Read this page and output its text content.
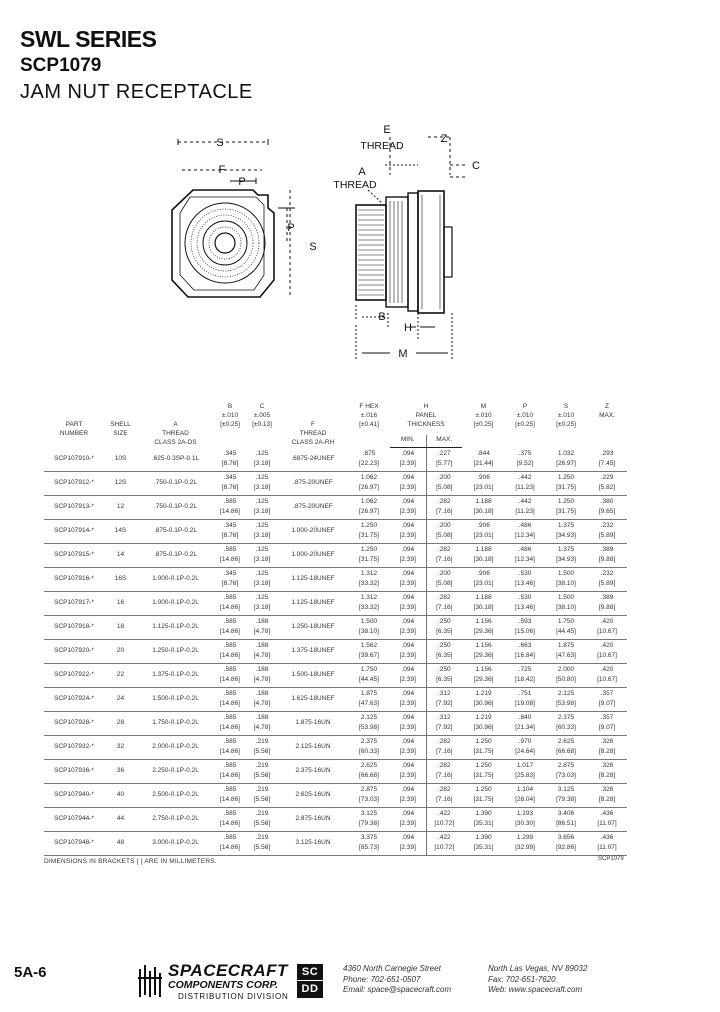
SWL SERIES
SCP1079
JAM NUT RECEPTACLE
S
F
P
P
S
E
THREAD
Z
C
A
THREAD
B
H
M
PART
NUMBER	SHELL
SIZE	A
THREAD
CLASS 2A-DS	B
±.010
[±0.25]	C
±.005
[±0.13]	F
THREAD
CLASS 2A-RH	F HEX
±.016
[±0.41]	H
PANEL
THICKNESS		M
±.010
[±0.25]	P
±.010
[±0.25]	S
±.010
[±0.25]	Z
MAX.

							MIN.	MAX.				
SCP107910-*	10S	.625-0.3SP-0.1L	.345
[8.76]	.125
[3.18]	.6875-24UNEF	.875
[22.23]	.094
[2.39]	.227
[5.77]	.844
[21.44]	.375
[9.52]	1.032
[26.97]	.293
[7.45]

SCP107912-*	12S	.750-0.1P-0.2L	.345
[8.76]	.125
[3.18]	.875-20UNEF	1.062
[26.97]	.094
[2.39]	.200
[5.08]	.906
[23.01]	.442
[11.23]	1.250
[31.75]	.229
[5.82]

SCP107913-*	12	.750-0.1P-0.2L	.585
[14.86]	.125
[3.18]	.875-20UNEF	1.062
[26.97]	.094
[2.39]	.282
[7.16]	1.188
[30.18]	.442
[11.23]	1.250
[31.75]	.380
[9.65]

SCP107914-*	14S	.875-0.1P-0.2L	.345
[8.76]	.125
[3.18]	1.000-20UNEF	1.250
[31.75]	.094
[2.39]	.200
[5.08]	.906
[23.01]	.486
[12.34]	1.375
[34.93]	.232
[5.89]

SCP107915-*	14	.875-0.1P-0.2L	.585
[14.86]	.125
[3.18]	1.000-20UNEF	1.250
[31.75]	.094
[2.39]	.282
[7.16]	1.188
[30.18]	.486
[12.34]	1.375
[34.93]	.389
[9.88]

SCP107916-*	16S	1.000-0.1P-0.2L	.345
[8.76]	.125
[3.18]	1.125-18UNEF	1.312
[33.32]	.094
[2.39]	.200
[5.08]	.906
[23.01]	.530
[13.46]	1.500
[38.10]	.232
[5.89]

SCP107917-*	16	1.000-0.1P-0.2L	.585
[14.86]	.125
[3.18]	1.125-18UNEF	1.312
[33.32]	.094
[2.39]	.282
[7.16]	1.188
[30.18]	.530
[13.46]	1.500
[38.10]	.389
[9.88]

SCP107918-*	18	1.125-0.1P-0.2L	.585
[14.86]	.188
[4.78]	1.250-18UNEF	1.500
[38.10]	.094
[2.39]	.250
[6.35]	1.156
[29.36]	.593
[15.06]	1.750
[44.45]	.420
[10.67]

SCP107920-*	20	1.250-0.1P-0.2L	.585
[14.86]	.188
[4.78]	1.375-18UNEF	1.562
[39.67]	.094
[2.39]	.250
[6.35]	1.156
[29.36]	.663
[16.84]	1.875
[47.63]	.420
[10.67]

SCP107922-*	22	1.375-0.1P-0.2L	.585
[14.86]	.188
[4.78]	1.500-18UNEF	1.750
[44.45]	.094
[2.39]	.250
[6.35]	1.156
[29.36]	.725
[18.42]	2.000
[50.80]	.420
[10.67]

SCP107924-*	24	1.500-0.1P-0.2L	.585
[14.86]	.188
[4.78]	1.625-18UNEF	1.875
[47.63]	.094
[2.39]	.312
[7.92]	1.219
[30.96]	.751
[19.08]	2.125
[53.98]	.357
[9.07]

SCP107928-*	28	1.750-0.1P-0.2L	.585
[14.86]	.188
[4.78]	1.875-16UN	2.125
[53.98]	.094
[2.39]	.312
[7.92]	1.219
[30.96]	.840
[21.34]	2.375
[60.33]	.357
[9.07]

SCP107932-*	32	2.000-0.1P-0.2L	.585
[14.86]	.219
[5.56]	2.125-16UN	2.375
[60.33]	.094
[2.39]	.282
[7.16]	1.250
[31.75]	.970
[24.64]	2.625
[66.68]	.326
[8.28]

SCP107936-*	36	2.250-0.1P-0.2L	.585
[14.86]	.219
[5.56]	2.375-16UN	2.625
[66.68]	.094
[2.39]	.282
[7.16]	1.250
[31.75]	1.017
[25.83]	2.875
[73.03]	.326
[8.28]

SCP107940-*	40	2.500-0.1P-0.2L	.585
[14.86]	.219
[5.56]	2.625-16UN	2.875
[73.03]	.094
[2.39]	.282
[7.16]	1.250
[31.75]	1.104
[28.04]	3.125
[79.38]	.326
[8.28]

SCP107944-*	44	2.750-0.1P-0.2L	.585
[14.86]	.219
[5.56]	2.875-16UN	3.125
[79.38]	.094
[2.39]	.422
[10.72]	1.390
[35.31]	1.193
[30.30]	3.406
[86.51]	.436
[11.07]

SCP107948-*	48	3.000-0.1P-0.2L	.585
[14.86]	.219
[5.56]	3.125-16UN	3.375
[85.73]	.094
[2.39]	.422
[10.72]	1.390
[35.31]	1.299
[32.99]	3.656
[92.86]	.436
[11.07]
DIMENSIONS IN BRACKETS [ ] ARE IN MILLIMETERS.	SCP1079
5A-6	SPACECRAFT
COMPONENTS CORP.
DISTRIBUTION DIVISION
SC
DD
4360 North Carnegie Street
Phone: 702-651-0507
Email: space@spacecraft.com
North Las Vegas, NV 89032
Fax: 702-651-7620
Web: www.spacecraft.com
